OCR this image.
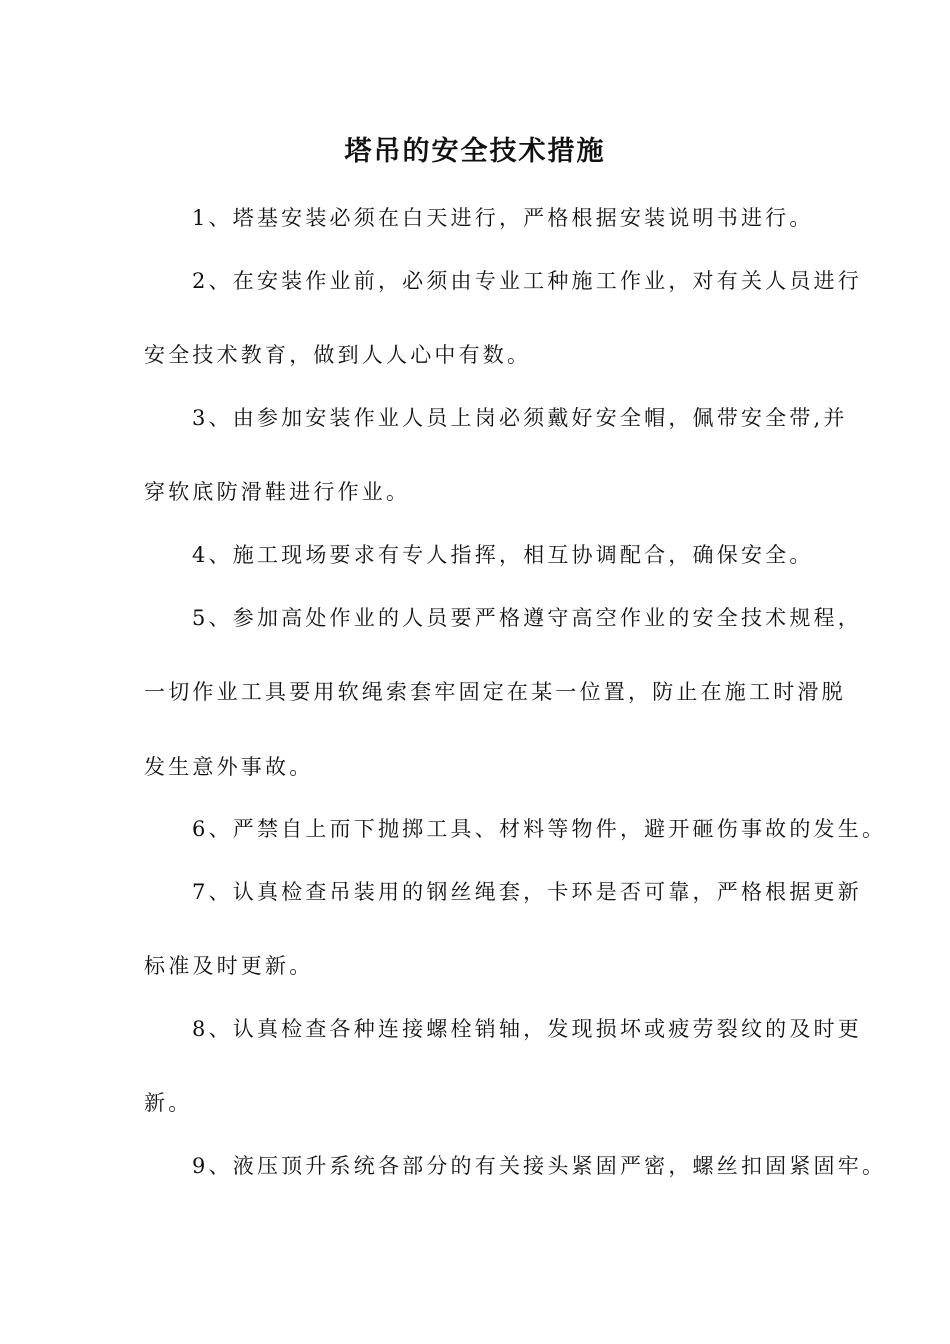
塔吊的安全技术措施
1、塔基安装必须在白天进行，严格根据安装说明书进行。
2、在安装作业前，必须由专业工种施工作业，对有关人员进行
安全技术教育，做到人人心中有数。
3、由参加安装作业人员上岗必须戴好安全帽，佩带安全带,并
穿软底防滑鞋进行作业。
4、施工现场要求有专人指挥，相互协调配合，确保安全。
5、参加高处作业的人员要严格遵守高空作业的安全技术规程，
一切作业工具要用软绳索套牢固定在某一位置，防止在施工时滑脱
发生意外事故。
6、严禁自上而下抛掷工具、材料等物件，避开砸伤事故的发生。
7、认真检查吊装用的钢丝绳套，卡环是否可靠，严格根据更新
标准及时更新。
8、认真检查各种连接螺栓销轴，发现损坏或疲劳裂纹的及时更
新。
9、液压顶升系统各部分的有关接头紧固严密，螺丝扣固紧固牢。
